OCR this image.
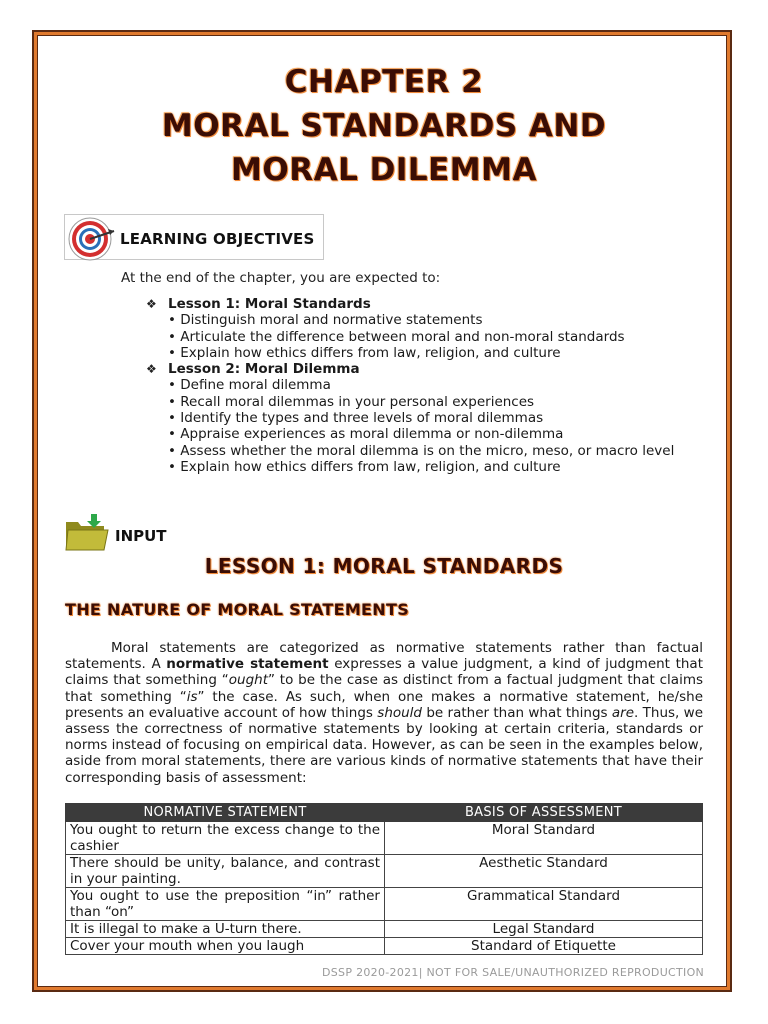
CHAPTER 2
MORAL STANDARDS AND
MORAL DILEMMA
LEARNING OBJECTIVES
At the end of the chapter, you are expected to:
❖ Lesson 1: Moral Standards
• Distinguish moral and normative statements
• Articulate the difference between moral and non-moral standards
• Explain how ethics differs from law, religion, and culture
❖ Lesson 2: Moral Dilemma
• Define moral dilemma
• Recall moral dilemmas in your personal experiences
• Identify the types and three levels of moral dilemmas
• Appraise experiences as moral dilemma or non-dilemma
• Assess whether the moral dilemma is on the micro, meso, or macro level
• Explain how ethics differs from law, religion, and culture
INPUT
LESSON 1: MORAL STANDARDS
THE NATURE OF MORAL STATEMENTS
Moral statements are categorized as normative statements rather than factual statements. A normative statement expresses a value judgment, a kind of judgment that claims that something “ought” to be the case as distinct from a factual judgment that claims that something “is” the case. As such, when one makes a normative statement, he/she presents an evaluative account of how things should be rather than what things are. Thus, we assess the correctness of normative statements by looking at certain criteria, standards or norms instead of focusing on empirical data. However, as can be seen in the examples below, aside from moral statements, there are various kinds of normative statements that have their corresponding basis of assessment:
NORMATIVE STATEMENT	BASIS OF ASSESSMENT
You ought to return the excess change to the cashier	Moral Standard
There should be unity, balance, and contrast in your painting.	Aesthetic Standard
You ought to use the preposition “in” rather than “on”	Grammatical Standard
It is illegal to make a U-turn there.	Legal Standard
Cover your mouth when you laugh	Standard of Etiquette
DSSP 2020-2021| NOT FOR SALE/UNAUTHORIZED REPRODUCTION
